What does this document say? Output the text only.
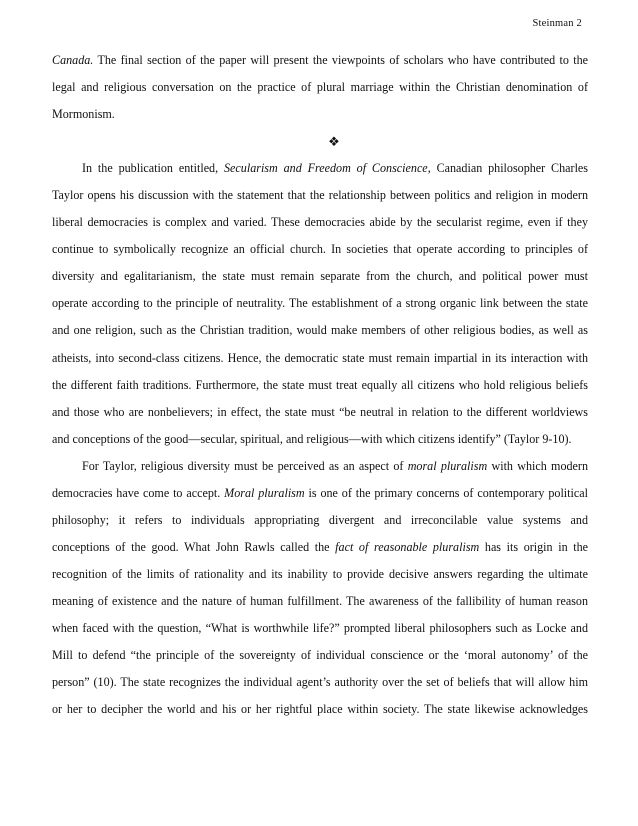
Steinman 2
Canada. The final section of the paper will present the viewpoints of scholars who have contributed to the
legal and religious conversation on the practice of plural marriage within the Christian denomination of
Mormonism.
❖
In the publication entitled, Secularism and Freedom of Conscience, Canadian philosopher Charles
Taylor opens his discussion with the statement that the relationship between politics and religion in modern
liberal democracies is complex and varied. These democracies abide by the secularist regime, even if they
continue to symbolically recognize an official church. In societies that operate according to principles of
diversity and egalitarianism, the state must remain separate from the church, and political power must
operate according to the principle of neutrality. The establishment of a strong organic link between the state
and one religion, such as the Christian tradition, would make members of other religious bodies, as well as
atheists, into second-class citizens. Hence, the democratic state must remain impartial in its interaction with
the different faith traditions. Furthermore, the state must treat equally all citizens who hold religious beliefs
and those who are nonbelievers; in effect, the state must “be neutral in relation to the different worldviews
and conceptions of the good—secular, spiritual, and religious—with which citizens identify” (Taylor 9-10).
For Taylor, religious diversity must be perceived as an aspect of moral pluralism with which modern
democracies have come to accept. Moral pluralism is one of the primary concerns of contemporary political
philosophy; it refers to individuals appropriating divergent and irreconcilable value systems and
conceptions of the good. What John Rawls called the fact of reasonable pluralism has its origin in the
recognition of the limits of rationality and its inability to provide decisive answers regarding the ultimate
meaning of existence and the nature of human fulfillment. The awareness of the fallibility of human reason
when faced with the question, “What is worthwhile life?” prompted liberal philosophers such as Locke and
Mill to defend “the principle of the sovereignty of individual conscience or the ‘moral autonomy’ of the
person” (10). The state recognizes the individual agent’s authority over the set of beliefs that will allow him
or her to decipher the world and his or her rightful place within society. The state likewise acknowledges
